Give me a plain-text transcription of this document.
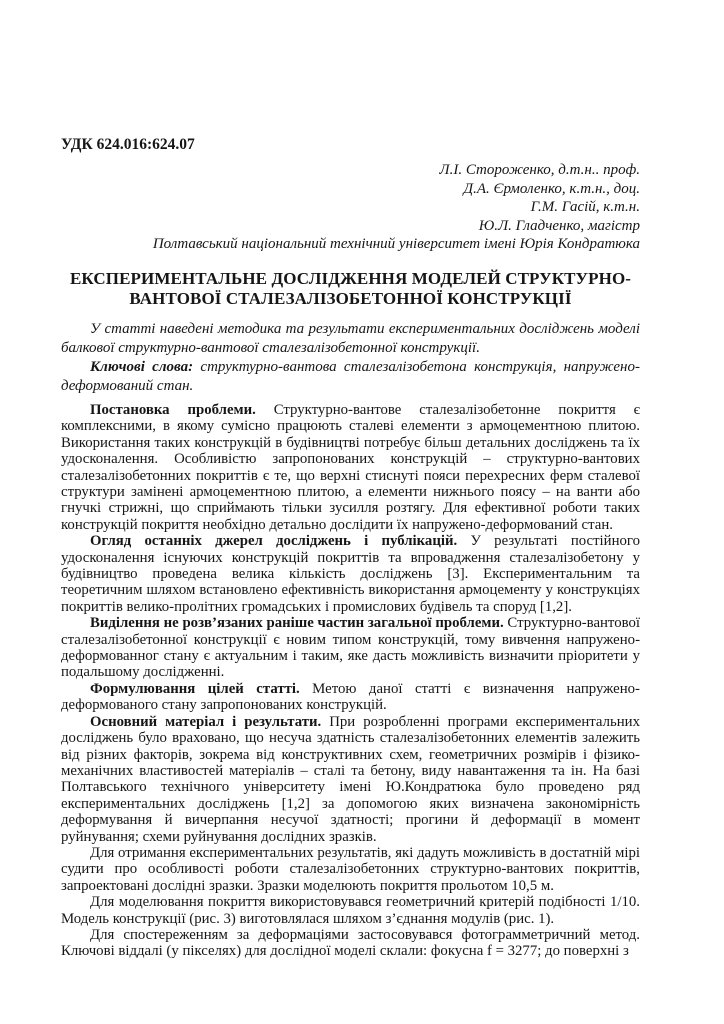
УДК 624.016:624.07
Л.І. Стороженко, д.т.н.. проф.
Д.А. Єрмоленко, к.т.н., доц.
Г.М. Гасій, к.т.н.
Ю.Л. Гладченко, магістр
Полтавський національний технічний університет імені Юрія Кондратюка
ЕКСПЕРИМЕНТАЛЬНЕ ДОСЛІДЖЕННЯ МОДЕЛЕЙ СТРУКТУРНО-
ВАНТОВОЇ СТАЛЕЗАЛІЗОБЕТОННОЇ КОНСТРУКЦІЇ

У статті наведені методика та результати експериментальних досліджень моделі балкової структурно-вантової сталезалізобетонної конструкції.

Ключові слова: структурно-вантова сталезалізобетона конструкція, напружено-деформований стан.

Постановка проблеми. Структурно-вантове сталезалізобетонне покриття є комплексними, в якому сумісно працюють сталеві елементи з армоцементною плитою. Використання таких конструкцій в будівництві потребує більш детальних досліджень та їх удосконалення. Особливістю запропонованих конструкцій – структурно-вантових сталезалізобетонних покриттів є те, що верхні стиснуті пояси перехресних ферм сталевої структури замінені армоцементною плитою, а елементи нижнього поясу – на ванти або гнучкі стрижні, що сприймають тільки зусилля розтягу. Для ефективної роботи таких конструкцій покриття необхідно детально дослідити їх напружено-деформований стан.

Огляд останніх джерел досліджень і публікацій. У результаті постійного удосконалення існуючих конструкцій покриттів та впровадження сталезалізобетону у будівництво проведена велика кількість досліджень [3]. Експериментальним та теоретичним шляхом встановлено ефективність використання армоцементу у конструкціях покриттів велико-пролітних громадських і промислових будівель та споруд [1,2].

Виділення не розв’язаних раніше частин загальної проблеми. Структурно-вантової сталезалізобетонної конструкції є новим типом конструкцій, тому вивчення напружено-деформованног стану є актуальним і таким, яке дасть можливість визначити пріоритети у подальшому дослідженні.

Формулювання цілей статті. Метою даної статті є визначення напружено-деформованого стану запропонованих конструкцій.

Основний матеріал і результати. При розробленні програми експериментальних досліджень було враховано, що несуча здатність сталезалізобетонних елементів залежить від різних факторів, зокрема від конструктивних схем, геометричних розмірів і фізико-механічних властивостей матеріалів – сталі та бетону, виду навантаження та ін. На базі Полтавського технічного університету імені Ю.Кондратюка було проведено ряд експериментальних досліджень [1,2] за допомогою яких визначена закономірність деформування й вичерпання несучої здатності; прогини й деформації в момент руйнування; схеми руйнування дослідних зразків.

Для отримання експериментальних результатів, які дадуть можливість в достатній мірі судити про особливості роботи сталезалізобетонних структурно-вантових покриттів, запроектовані дослідні зразки. Зразки моделюють покриття прольотом 10,5 м.

Для моделювання покриття використовувався геометричний критерій подібності 1/10. Модель конструкції (рис. 3) виготовлялася шляхом з’єднання модулів (рис. 1).

Для спостереженням за деформаціями застосовувався фотограмметричний метод. Ключові віддалі (у пікселях) для дослідної моделі склали: фокусна f = 3277; до поверхні з
